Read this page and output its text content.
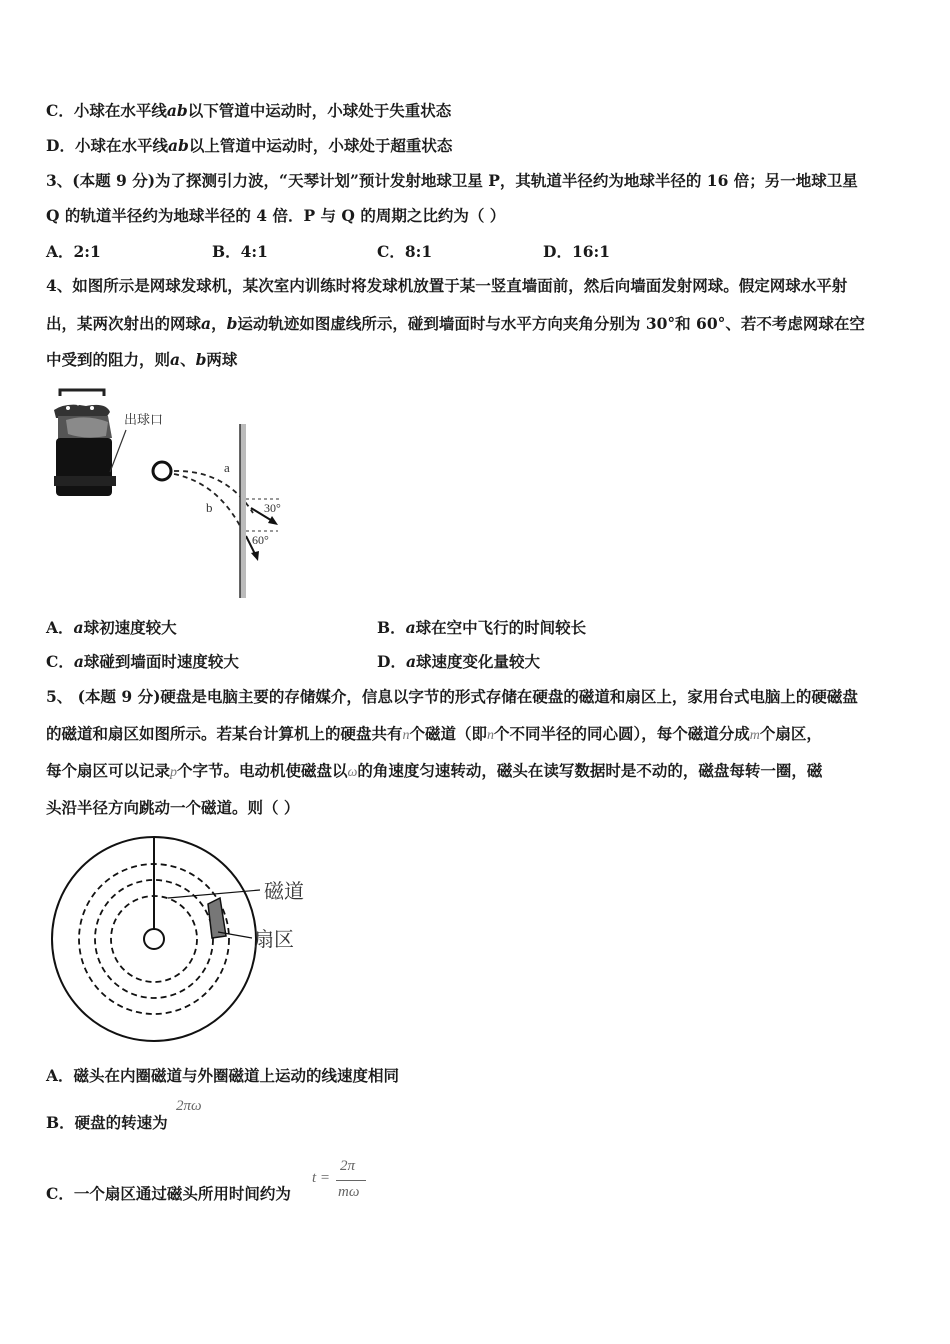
C．小球在水平线ab以下管道中运动时，小球处于失重状态
D．小球在水平线ab以上管道中运动时，小球处于超重状态
3、(本题 9 分)为了探测引力波，“天琴计划”预计发射地球卫星 P，其轨道半径约为地球半径的 16 倍；另一地球卫星
Q 的轨道半径约为地球半径的 4 倍．P 与 Q 的周期之比约为（ ）
A．2:1	B．4:1	C．8:1	D．16:1
4、如图所示是网球发球机，某次室内训练时将发球机放置于某一竖直墙面前，然后向墙面发射网球。假定网球水平射
出，某两次射出的网球a，b运动轨迹如图虚线所示，碰到墙面时与水平方向夹角分别为 30°和 60°、若不考虑网球在空
中受到的阻力，则a、b两球
出球口
a
b	30°
60°
A．a球初速度较大	B．a球在空中飞行的时间较长
C．a球碰到墙面时速度较大	D．a球速度变化量较大
5、 (本题 9 分)硬盘是电脑主要的存储媒介，信息以字节的形式存储在硬盘的磁道和扇区上，家用台式电脑上的硬磁盘
的磁道和扇区如图所示。若某台计算机上的硬盘共有n个磁道（即n个不同半径的同心圆），每个磁道分成m个扇区，
每个扇区可以记录p个字节。电动机使磁盘以ω的角速度匀速转动，磁头在读写数据时是不动的，磁盘每转一圈，磁
头沿半径方向跳动一个磁道。则（ ）
磁道
扇区
A．磁头在内圈磁道与外圈磁道上运动的线速度相同
2πω
B．硬盘的转速为
C．一个扇区通过磁头所用时间约为
t =
2π
mω
